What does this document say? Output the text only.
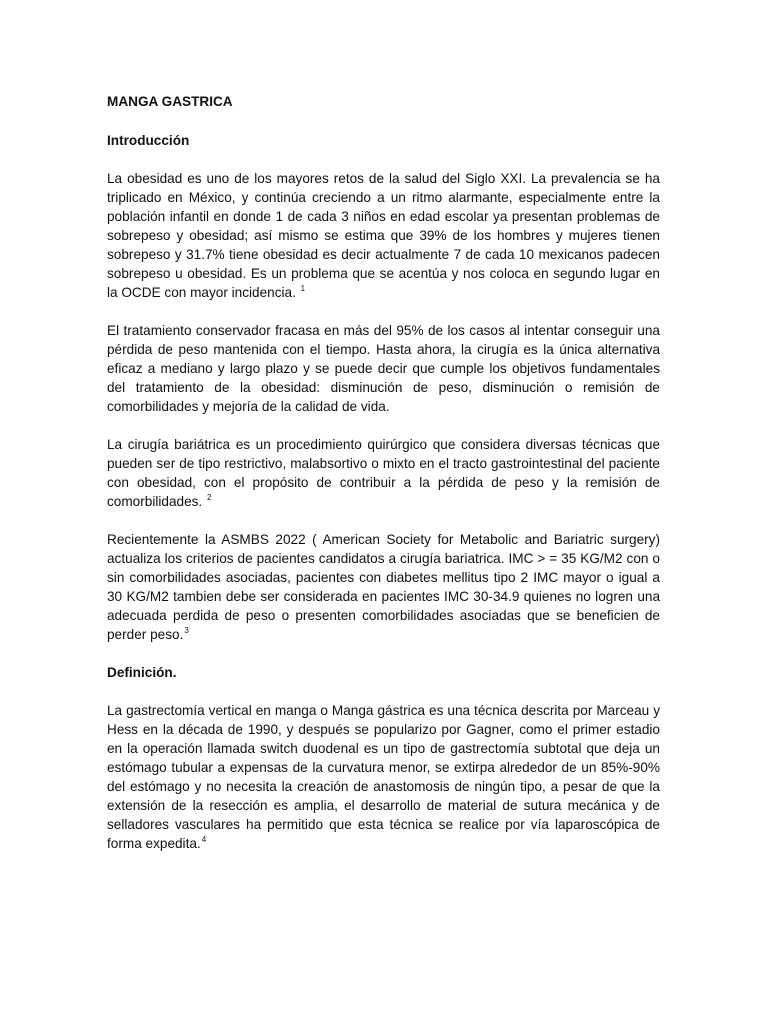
MANGA GASTRICA
Introducción

La obesidad es uno de los mayores retos de la salud del Siglo XXI. La prevalencia se ha triplicado en México, y continúa creciendo a un ritmo alarmante, especialmente entre la población infantil en donde 1 de cada 3 niños en edad escolar ya presentan problemas de sobrepeso y obesidad; así mismo se estima que 39% de los hombres y mujeres tienen sobrepeso y 31.7% tiene obesidad es decir actualmente 7 de cada 10 mexicanos padecen sobrepeso u obesidad. Es un problema que se acentúa y nos coloca en segundo lugar en la OCDE con mayor incidencia. $^1$

El tratamiento conservador fracasa en más del 95% de los casos al intentar conseguir una pérdida de peso mantenida con el tiempo. Hasta ahora, la cirugía es la única alternativa eficaz a mediano y largo plazo y se puede decir que cumple los objetivos fundamentales del tratamiento de la obesidad: disminución de peso, disminución o remisión de comorbilidades y mejoría de la calidad de vida.

La cirugía bariátrica es un procedimiento quirúrgico que considera diversas técnicas que pueden ser de tipo restrictivo, malabsortivo o mixto en el tracto gastrointestinal del paciente con obesidad, con el propósito de contribuir a la pérdida de peso y la remisión de comorbilidades. $^2$

Recientemente la ASMBS 2022 ( American Society for Metabolic and Bariatric surgery) actualiza los criterios de pacientes candidatos a cirugía bariatrica. IMC > = 35 KG/M2 con o sin comorbilidades asociadas, pacientes con diabetes mellitus tipo 2 IMC mayor o igual a 30 KG/M2 tambien debe ser considerada en pacientes IMC 30-34.9 quienes no logren una adecuada perdida de peso o presenten comorbilidades asociadas que se beneficien de perder peso.$^3$

Definición.

La gastrectomía vertical en manga o Manga gástrica es una técnica descrita por Marceau y Hess en la década de 1990, y después se popularizo por Gagner, como el primer estadio en la operación llamada switch duodenal es un tipo de gastrectomía subtotal que deja un estómago tubular a expensas de la curvatura menor, se extirpa alrededor de un 85%-90% del estómago y no necesita la creación de anastomosis de ningún tipo, a pesar de que la extensión de la resección es amplia, el desarrollo de material de sutura mecánica y de selladores vasculares ha permitido que esta técnica se realice por vía laparoscópica de forma expedita.$^4$
